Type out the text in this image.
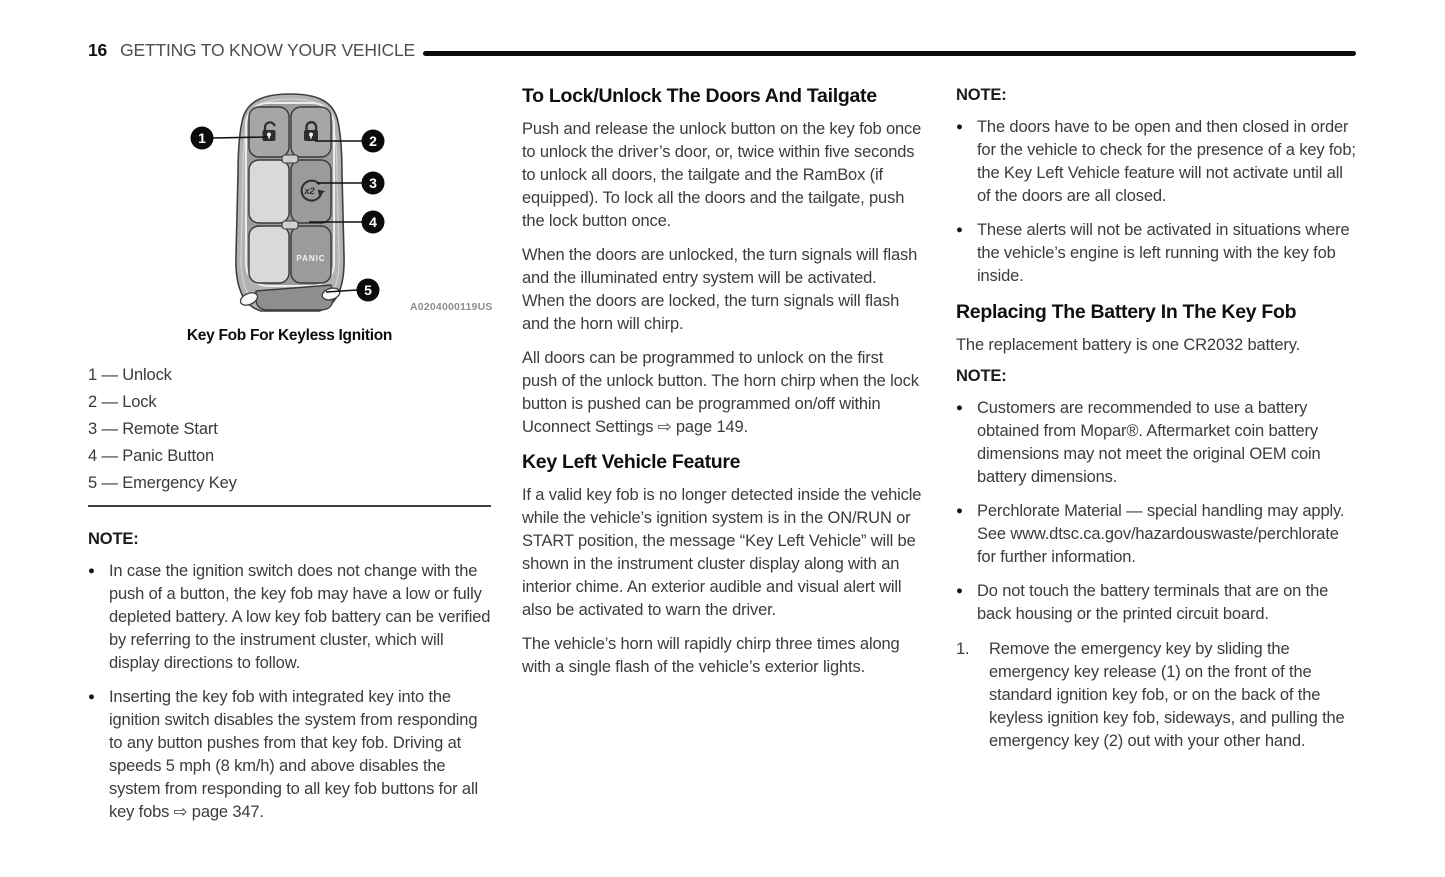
16 GETTING TO KNOW YOUR VEHICLE
x2
PANIC
1	2
3
4
5
A0204000119US
Key Fob For Keyless Ignition
1 — Unlock
2 — Lock
3 — Remote Start
4 — Panic Button
5 — Emergency Key
NOTE:
● In case the ignition switch does not change with the push of a button, the key fob may have a low or fully depleted battery. A low key fob battery can be verified by referring to the instrument cluster, which will display directions to follow.
● Inserting the key fob with integrated key into the ignition switch disables the system from responding to any button pushes from that key fob. Driving at speeds 5 mph (8 km/h) and above disables the system from responding to all key fob buttons for all key fobs ⇨ page 347.
To Lock/Unlock The Doors And Tailgate

Push and release the unlock button on the key fob once to unlock the driver’s door, or, twice within five seconds to unlock all doors, the tailgate and the RamBox (if equipped). To lock all the doors and the tailgate, push the lock button once.

When the doors are unlocked, the turn signals will flash and the illuminated entry system will be activated. When the doors are locked, the turn signals will flash and the horn will chirp.

All doors can be programmed to unlock on the first push of the unlock button. The horn chirp when the lock button is pushed can be programmed on/off within Uconnect Settings ⇨ page 149.

Key Left Vehicle Feature

If a valid key fob is no longer detected inside the vehicle while the vehicle’s ignition system is in the ON/RUN or START position, the message “Key Left Vehicle” will be shown in the instrument cluster display along with an interior chime. An exterior audible and visual alert will also be activated to warn the driver.

The vehicle’s horn will rapidly chirp three times along with a single flash of the vehicle’s exterior lights.

NOTE:
● The doors have to be open and then closed in order for the vehicle to check for the presence of a key fob; the Key Left Vehicle feature will not activate until all of the doors are all closed.
● These alerts will not be activated in situations where the vehicle’s engine is left running with the key fob inside.
Replacing The Battery In The Key Fob

The replacement battery is one CR2032 battery.

NOTE:
● Customers are recommended to use a battery obtained from Mopar®. Aftermarket coin battery dimensions may not meet the original OEM coin battery dimensions.
● Perchlorate Material — special handling may apply. See www.dtsc.ca.gov/hazardouswaste/perchlorate for further information.
● Do not touch the battery terminals that are on the back housing or the printed circuit board.
1.	Remove the emergency key by sliding the emergency key release (1) on the front of the standard ignition key fob, or on the back of the keyless ignition key fob, sideways, and pulling the emergency key (2) out with your other hand.
